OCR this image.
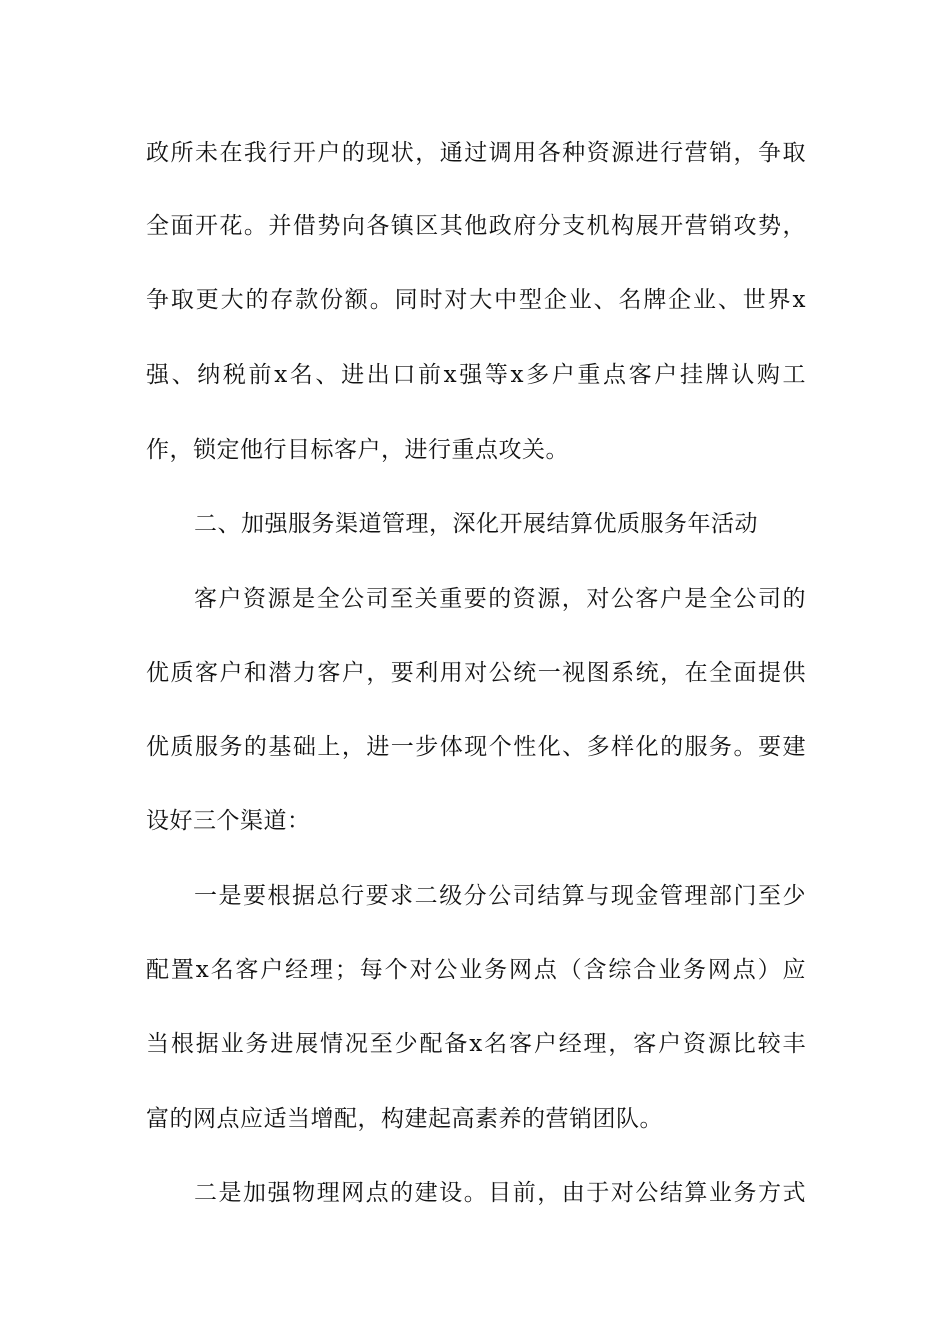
政所未在我行开户的现状，通过调用各种资源进行营销，争取
全面开花。并借势向各镇区其他政府分支机构展开营销攻势，
争取更大的存款份额。同时对大中型企业、名牌企业、世界x
强、纳税前x名、进出口前x强等x多户重点客户挂牌认购工
作，锁定他行目标客户，进行重点攻关。
二、加强服务渠道管理，深化开展结算优质服务年活动
客户资源是全公司至关重要的资源，对公客户是全公司的
优质客户和潜力客户，要利用对公统一视图系统，在全面提供
优质服务的基础上，进一步体现个性化、多样化的服务。要建
设好三个渠道：
一是要根据总行要求二级分公司结算与现金管理部门至少
配置x名客户经理；每个对公业务网点（含综合业务网点）应
当根据业务进展情况至少配备x名客户经理，客户资源比较丰
富的网点应适当增配，构建起高素养的营销团队。
二是加强物理网点的建设。目前，由于对公结算业务方式
